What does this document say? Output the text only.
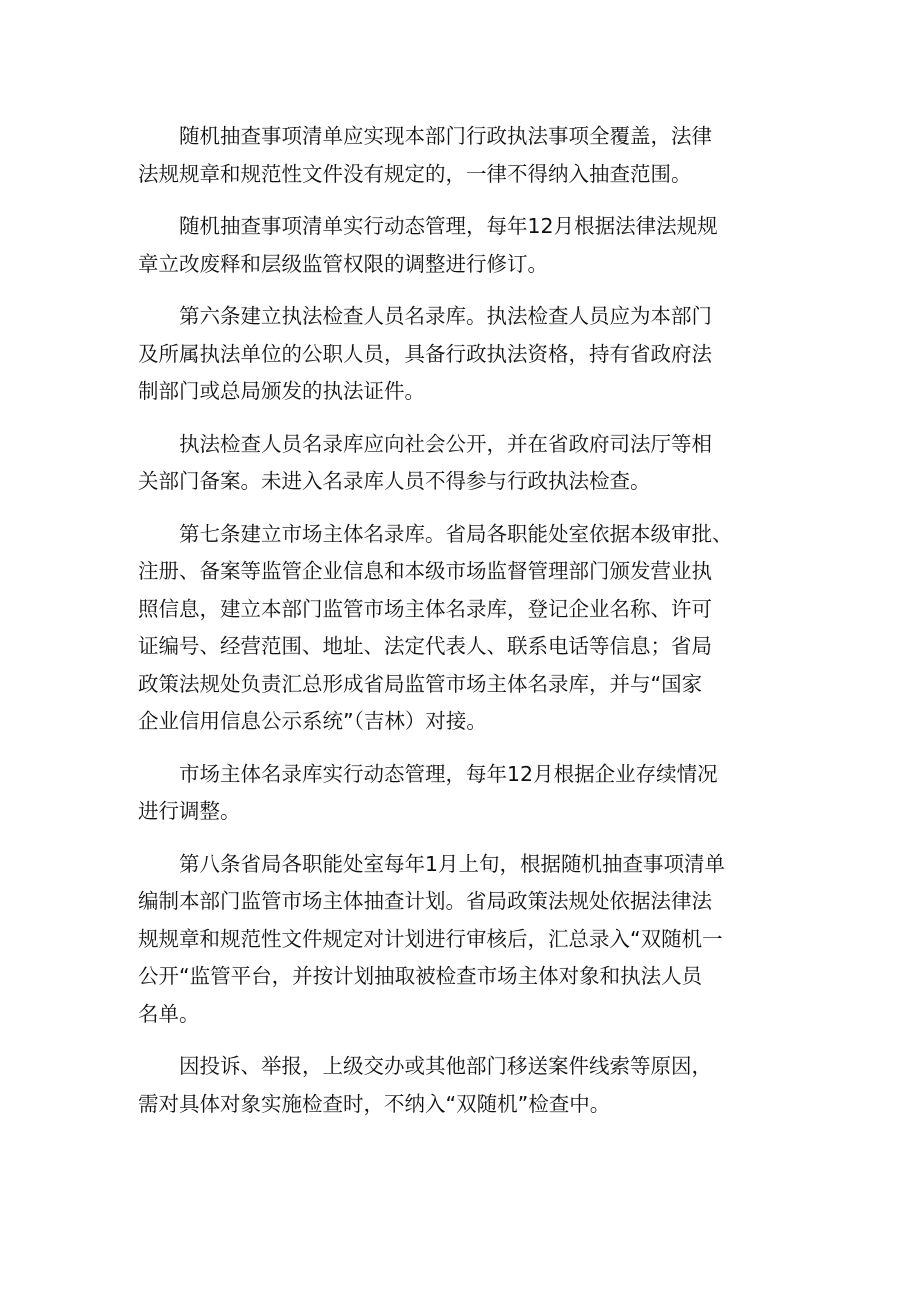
随机抽查事项清单应实现本部门行政执法事项全覆盖，法律
法规规章和规范性文件没有规定的，一律不得纳入抽查范围。
随机抽查事项清单实行动态管理，每年12月根据法律法规规
章立改废释和层级监管权限的调整进行修订。
第六条建立执法检查人员名录库。执法检查人员应为本部门
及所属执法单位的公职人员，具备行政执法资格，持有省政府法
制部门或总局颁发的执法证件。
执法检查人员名录库应向社会公开，并在省政府司法厅等相
关部门备案。未进入名录库人员不得参与行政执法检查。
第七条建立市场主体名录库。省局各职能处室依据本级审批、
注册、备案等监管企业信息和本级市场监督管理部门颁发营业执
照信息，建立本部门监管市场主体名录库，登记企业名称、许可
证编号、经营范围、地址、法定代表人、联系电话等信息；省局
政策法规处负责汇总形成省局监管市场主体名录库，并与“国家
企业信用信息公示系统”（吉林）对接。
市场主体名录库实行动态管理，每年12月根据企业存续情况
进行调整。
第八条省局各职能处室每年1月上旬，根据随机抽查事项清单
编制本部门监管市场主体抽查计划。省局政策法规处依据法律法
规规章和规范性文件规定对计划进行审核后，汇总录入“双随机一
公开“监管平台，并按计划抽取被检查市场主体对象和执法人员
名单。
因投诉、举报，上级交办或其他部门移送案件线索等原因，
需对具体对象实施检查时，不纳入“双随机”检查中。
